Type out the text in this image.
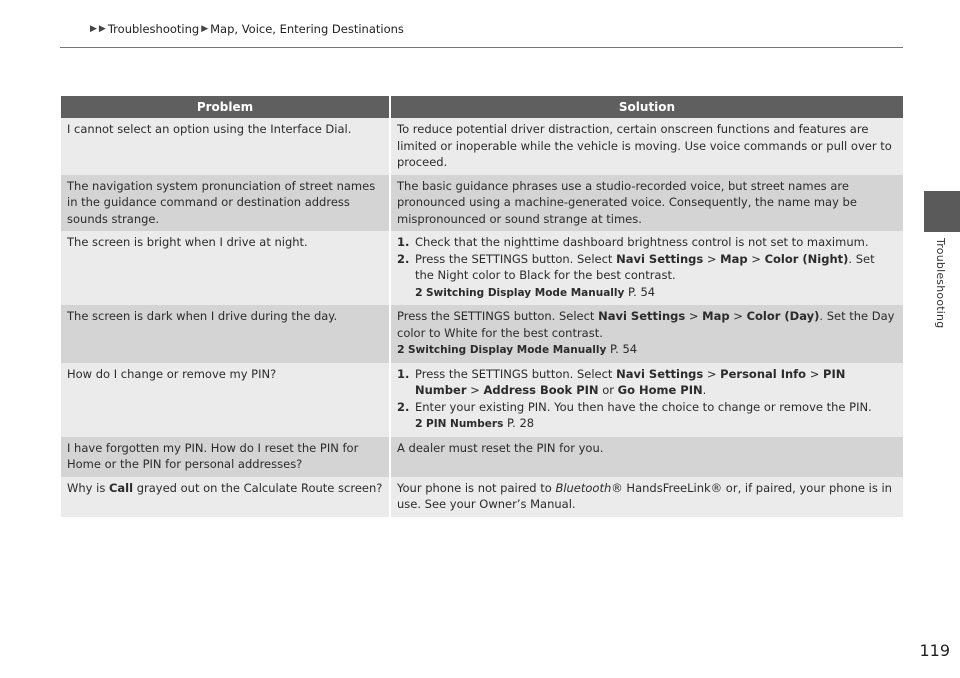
▶ ▶ Troubleshooting ▶ Map, Voice, Entering Destinations
Troubleshooting
Problem	Solution
I cannot select an option using the Interface Dial.	To reduce potential driver distraction, certain onscreen functions and features are limited or inoperable while the vehicle is moving. Use voice commands or pull over to proceed.
The navigation system pronunciation of street names in the guidance command or destination address sounds strange.	The basic guidance phrases use a studio-recorded voice, but street names are pronounced using a machine-generated voice. Consequently, the name may be mispronounced or sound strange at times.
The screen is bright when I drive at night.	1. Check that the nighttime dashboard brightness control is not set to maximum.
2. Press the SETTINGS button. Select Navi Settings > Map > Color (Night). Set the Night color to Black for the best contrast.
2 Switching Display Mode Manually P. 54

The screen is dark when I drive during the day.	Press the SETTINGS button. Select Navi Settings > Map > Color (Day). Set the Day color to White for the best contrast.
2 Switching Display Mode Manually P. 54

How do I change or remove my PIN?	1. Press the SETTINGS button. Select Navi Settings > Personal Info > PIN Number > Address Book PIN or Go Home PIN.
2. Enter your existing PIN. You then have the choice to change or remove the PIN.
2 PIN Numbers P. 28

I have forgotten my PIN. How do I reset the PIN for Home or the PIN for personal addresses?	A dealer must reset the PIN for you.
Why is Call grayed out on the Calculate Route screen?	Your phone is not paired to Bluetooth® HandsFreeLink® or, if paired, your phone is in use. See your Owner’s Manual.
119
